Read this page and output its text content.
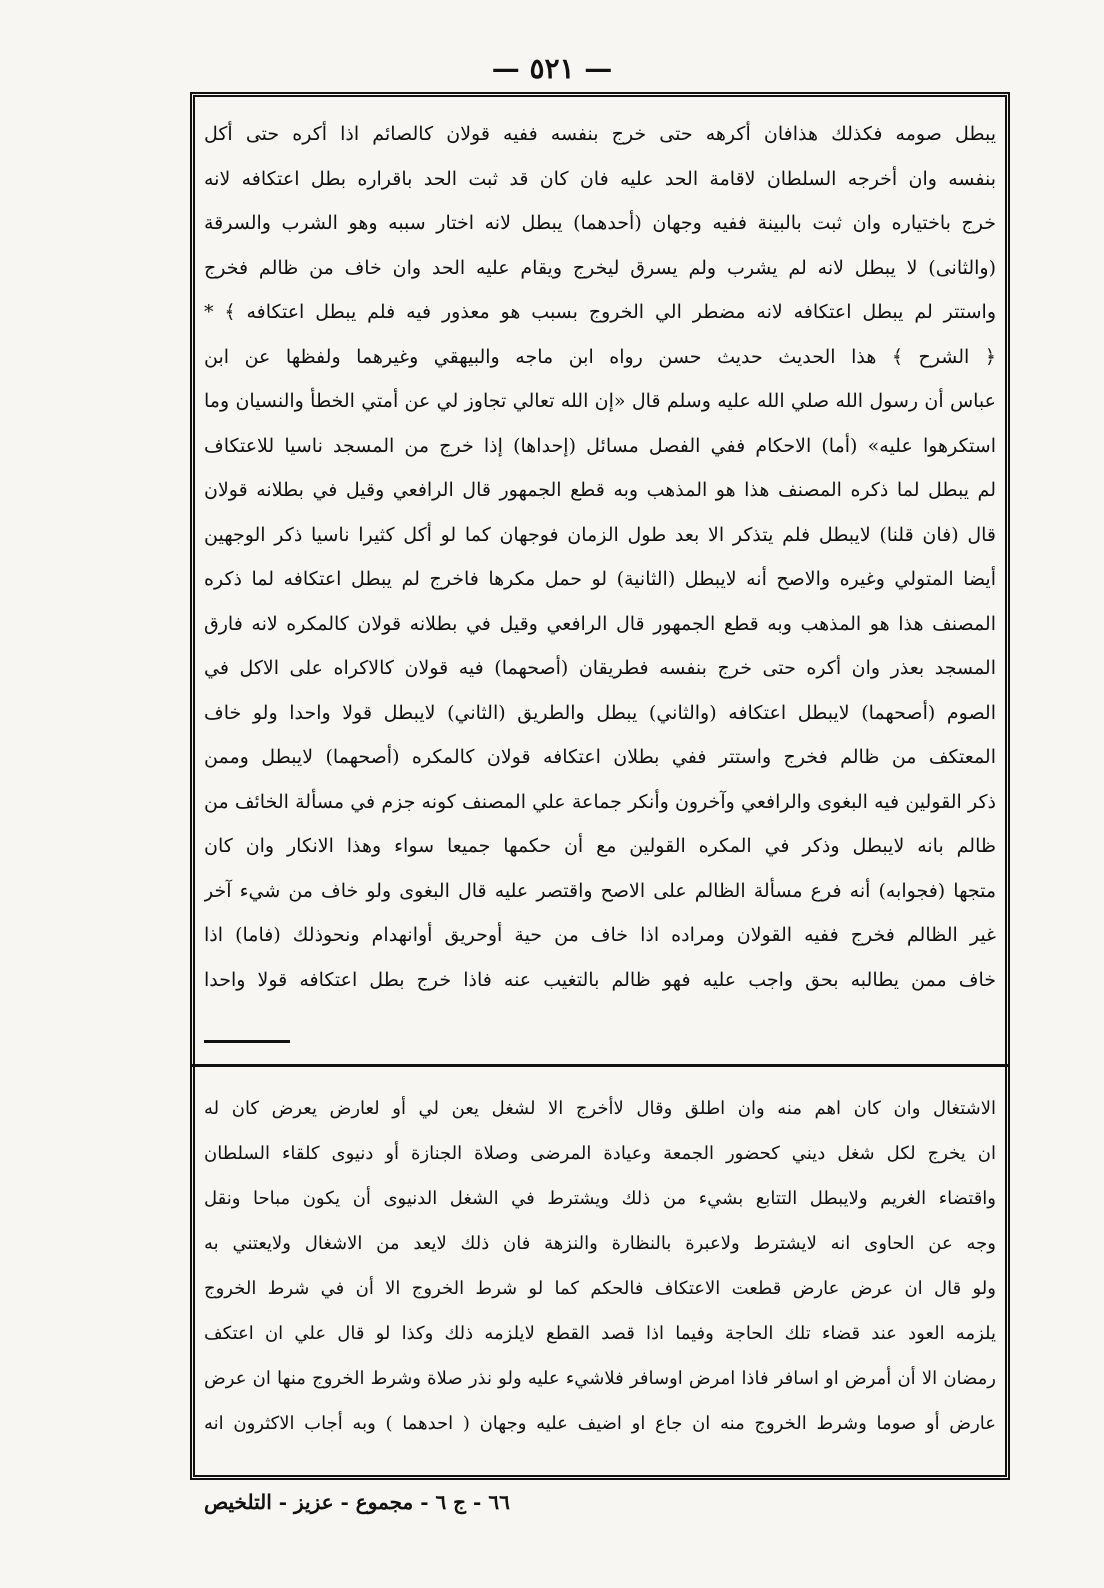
— ٥٢١ —
يبطل صومه فكذلك هذافان أكرهه حتى خرج بنفسه ففيه قولان كالصائم اذا أكره حتى أكل
بنفسه وان أخرجه السلطان لاقامة الحد عليه فان كان قد ثبت الحد باقراره بطل اعتكافه لانه
خرج باختياره وان ثبت بالبينة ففيه وجهان (أحدهما) يبطل لانه اختار سببه وهو الشرب والسرقة
(والثانى) لا يبطل لانه لم يشرب ولم يسرق ليخرج ويقام عليه الحد وان خاف من ظالم فخرج
واستتر لم يبطل اعتكافه لانه مضطر الي الخروج بسبب هو معذور فيه فلم يبطل اعتكافه ﴾ *
﴿ الشرح ﴾ هذا الحديث حديث حسن رواه ابن ماجه والبيهقي وغيرهما ولفظها عن ابن
عباس أن رسول الله صلي الله عليه وسلم قال «إن الله تعالي تجاوز لي عن أمتي الخطأ والنسيان وما
استكرهوا عليه» (أما) الاحكام ففي الفصل مسائل (إحداها) إذا خرج من المسجد ناسيا للاعتكاف
لم يبطل لما ذكره المصنف هذا هو المذهب وبه قطع الجمهور قال الرافعي وقيل في بطلانه قولان
قال (فان قلنا) لايبطل فلم يتذكر الا بعد طول الزمان فوجهان كما لو أكل كثيرا ناسيا ذكر الوجهين
أيضا المتولي وغيره والاصح أنه لايبطل (الثانية) لو حمل مكرها فاخرج لم يبطل اعتكافه لما ذكره
المصنف هذا هو المذهب وبه قطع الجمهور قال الرافعي وقيل في بطلانه قولان كالمكره لانه فارق
المسجد بعذر وان أكره حتى خرج بنفسه فطريقان (أصحهما) فيه قولان كالاكراه على الاكل في
الصوم (أصحهما) لايبطل اعتكافه (والثاني) يبطل والطريق (الثاني) لايبطل قولا واحدا ولو خاف
المعتكف من ظالم فخرج واستتر ففي بطلان اعتكافه قولان كالمكره (أصحهما) لايبطل وممن
ذكر القولين فيه البغوى والرافعي وآخرون وأنكر جماعة علي المصنف كونه جزم في مسألة الخائف من
ظالم بانه لايبطل وذكر في المكره القولين مع أن حكمها جميعا سواء وهذا الانكار وان كان
متجها (فجوابه) أنه فرع مسألة الظالم على الاصح واقتصر عليه قال البغوى ولو خاف من شيء آخر
غير الظالم فخرج ففيه القولان ومراده اذا خاف من حية أوحريق أوانهدام ونحوذلك (فاما) اذا
خاف ممن يطالبه بحق واجب عليه فهو ظالم بالتغيب عنه فاذا خرج بطل اعتكافه قولا واحدا
الاشتغال وان كان اهم منه وان اطلق وقال لاأخرج الا لشغل يعن لي أو لعارض يعرض كان له
ان يخرج لكل شغل ديني كحضور الجمعة وعيادة المرضى وصلاة الجنازة أو دنيوى كلقاء السلطان
واقتضاء الغريم ولايبطل التتابع بشيء من ذلك ويشترط في الشغل الدنيوى أن يكون مباحا ونقل
وجه عن الحاوى انه لايشترط ولاعبرة بالنظارة والنزهة فان ذلك لايعد من الاشغال ولايعتني به
ولو قال ان عرض عارض قطعت الاعتكاف فالحكم كما لو شرط الخروج الا أن في شرط الخروج
يلزمه العود عند قضاء تلك الحاجة وفيما اذا قصد القطع لايلزمه ذلك وكذا لو قال علي ان اعتكف
رمضان الا أن أمرض او اسافر فاذا امرض اوسافر فلاشيء عليه ولو نذر صلاة وشرط الخروج منها ان عرض
عارض أو صوما وشرط الخروج منه ان جاع او اضيف عليه وجهان ( احدهما ) وبه أجاب الاكثرون انه
٦٦ - ج ٦ - مجموع - عزيز - التلخيص
